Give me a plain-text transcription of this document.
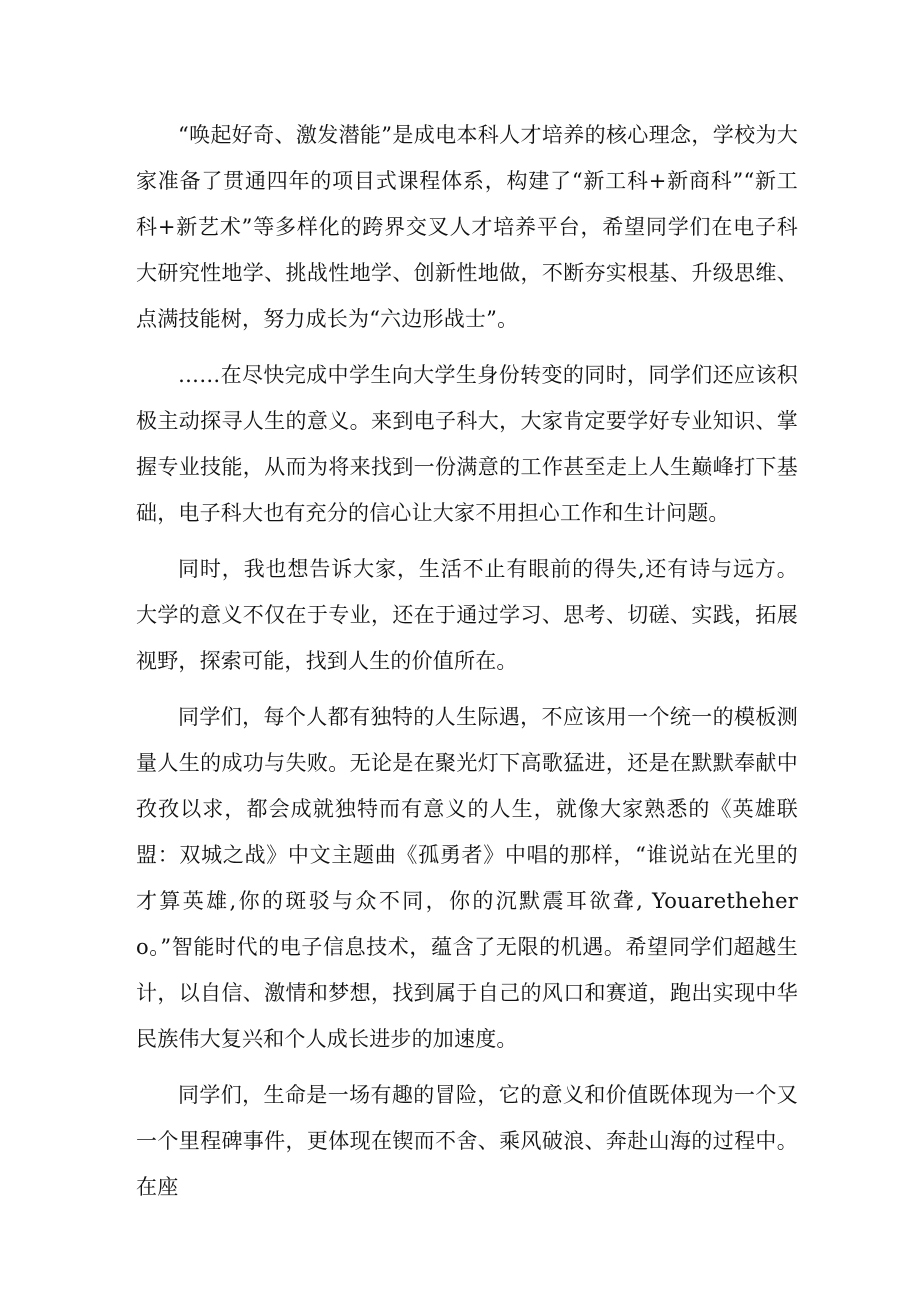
“唤起好奇、激发潜能”是成电本科人才培养的核心理念，学校为大家准备了贯通四年的项目式课程体系，构建了“新工科+新商科”“新工科+新艺术”等多样化的跨界交叉人才培养平台，希望同学们在电子科大研究性地学、挑战性地学、创新性地做，不断夯实根基、升级思维、点满技能树，努力成长为“六边形战士”。

……在尽快完成中学生向大学生身份转变的同时，同学们还应该积极主动探寻人生的意义。来到电子科大，大家肯定要学好专业知识、掌握专业技能，从而为将来找到一份满意的工作甚至走上人生巅峰打下基础，电子科大也有充分的信心让大家不用担心工作和生计问题。

同时，我也想告诉大家，生活不止有眼前的得失,还有诗与远方。大学的意义不仅在于专业，还在于通过学习、思考、切磋、实践，拓展视野，探索可能，找到人生的价值所在。

同学们，每个人都有独特的人生际遇，不应该用一个统一的模板测量人生的成功与失败。无论是在聚光灯下高歌猛进，还是在默默奉献中孜孜以求，都会成就独特而有意义的人生，就像大家熟悉的《英雄联盟：双城之战》中文主题曲《孤勇者》中唱的那样，“谁说站在光里的才算英雄,你的斑驳与众不同，你的沉默震耳欲聋, Youarethehero。”智能时代的电子信息技术，蕴含了无限的机遇。希望同学们超越生计，以自信、激情和梦想，找到属于自己的风口和赛道，跑出实现中华民族伟大复兴和个人成长进步的加速度。

同学们，生命是一场有趣的冒险，它的意义和价值既体现为一个又一个里程碑事件，更体现在锲而不舍、乘风破浪、奔赴山海的过程中。在座
